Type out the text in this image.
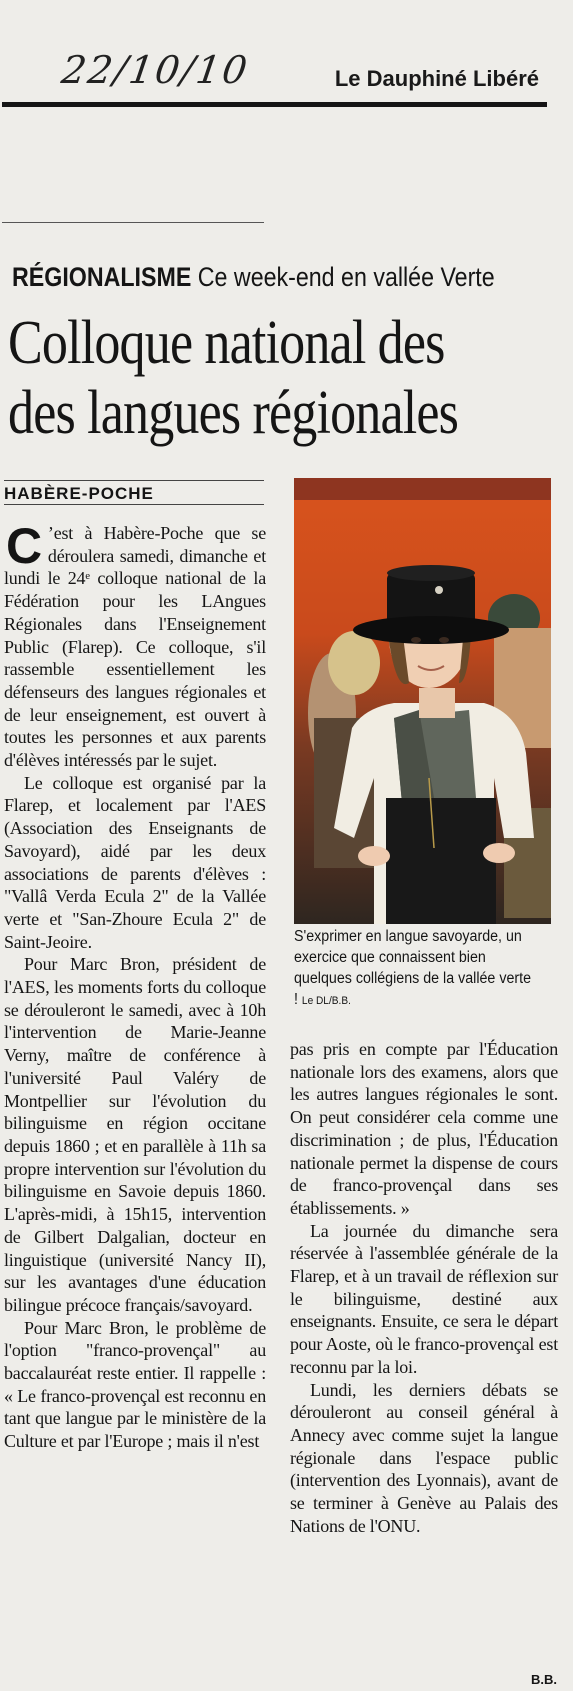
22/10/10	Le Dauphiné Libéré
RÉGIONALISME Ce week-end en vallée Verte
Colloque national des
des langues régionales
HABÈRE-POCHE

C ’est à Habère-Poche que se déroulera samedi, dimanche et lundi le 24ᵉ colloque national de la Fédération pour les LAngues Régionales dans l'Enseignement Public (Flarep). Ce colloque, s'il rassemble essentiellement les défenseurs des langues régionales et de leur enseignement, est ouvert à toutes les personnes et aux parents d'élèves intéressés par le sujet.

Le colloque est organisé par la Flarep, et localement par l'AES (Association des Enseignants de Savoyard), aidé par les deux associations de parents d'élèves : "Vallâ Verda Ecula 2" de la Vallée verte et "San-Zhoure Ecula 2" de Saint-Jeoire.

Pour Marc Bron, président de l'AES, les moments forts du colloque se dérouleront le samedi, avec à 10h l'intervention de Marie-Jeanne Verny, maître de conférence à l'université Paul Valéry de Montpellier sur l'évolution du bilinguisme en région occitane depuis 1860 ; et en parallèle à 11h sa propre intervention sur l'évolution du bilinguisme en Savoie depuis 1860. L'après-midi, à 15h15, intervention de Gilbert Dalgalian, docteur en linguistique (université Nancy II), sur les avantages d'une éducation bilingue précoce français/savoyard.

Pour Marc Bron, le problème de l'option "franco-provençal" au baccalauréat reste entier. Il rappelle : « Le franco-provençal est reconnu en tant que langue par le ministère de la Culture et par l'Europe ; mais il n'est

S'exprimer en langue savoyarde, un exercice que connaissent bien quelques collégiens de la vallée verte ! Le DL/B.B.

pas pris en compte par l'Éducation nationale lors des examens, alors que les autres langues régionales le sont. On peut considérer cela comme une discrimination ; de plus, l'Éducation nationale permet la dispense de cours de franco-provençal dans ses établissements. »

La journée du dimanche sera réservée à l'assemblée générale de la Flarep, et à un travail de réflexion sur le bilinguisme, destiné aux enseignants. Ensuite, ce sera le départ pour Aoste, où le franco-provençal est reconnu par la loi.

Lundi, les derniers débats se dérouleront au conseil général à Annecy avec comme sujet la langue régionale dans l'espace public (intervention des Lyonnais), avant de se terminer à Genève au Palais des Nations de l'ONU.

B.B.
